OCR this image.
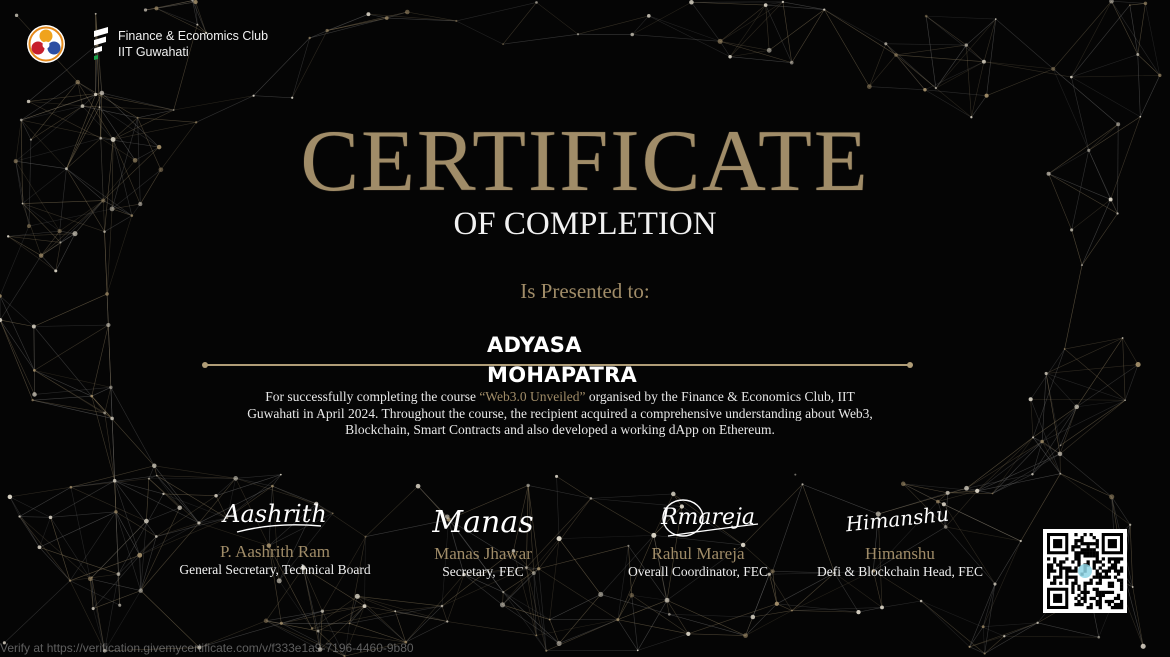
Finance & Economics Club
IIT Guwahati
CERTIFICATE
OF COMPLETION
Is Presented to:
ADYASA
MOHAPATRA
For successfully completing the course “Web3.0 Unveiled” organised by the Finance & Economics Club, IIT Guwahati in April 2024. Throughout the course, the recipient acquired a comprehensive understanding about Web3, Blockchain, Smart Contracts and also developed a working dApp on Ethereum.
Aashrith
P. Aashrith Ram
General Secretary, Technical Board
Manas
Manas Jhawar
Secretary, FEC
Rmareja
Rahul Mareja
Overall Coordinator, FEC
Himanshu
Himanshu
Defi & Blockchain Head, FEC
Verify at https://verification.givemycertificate.com/v/f333e1a9-7196-4460-9b80
